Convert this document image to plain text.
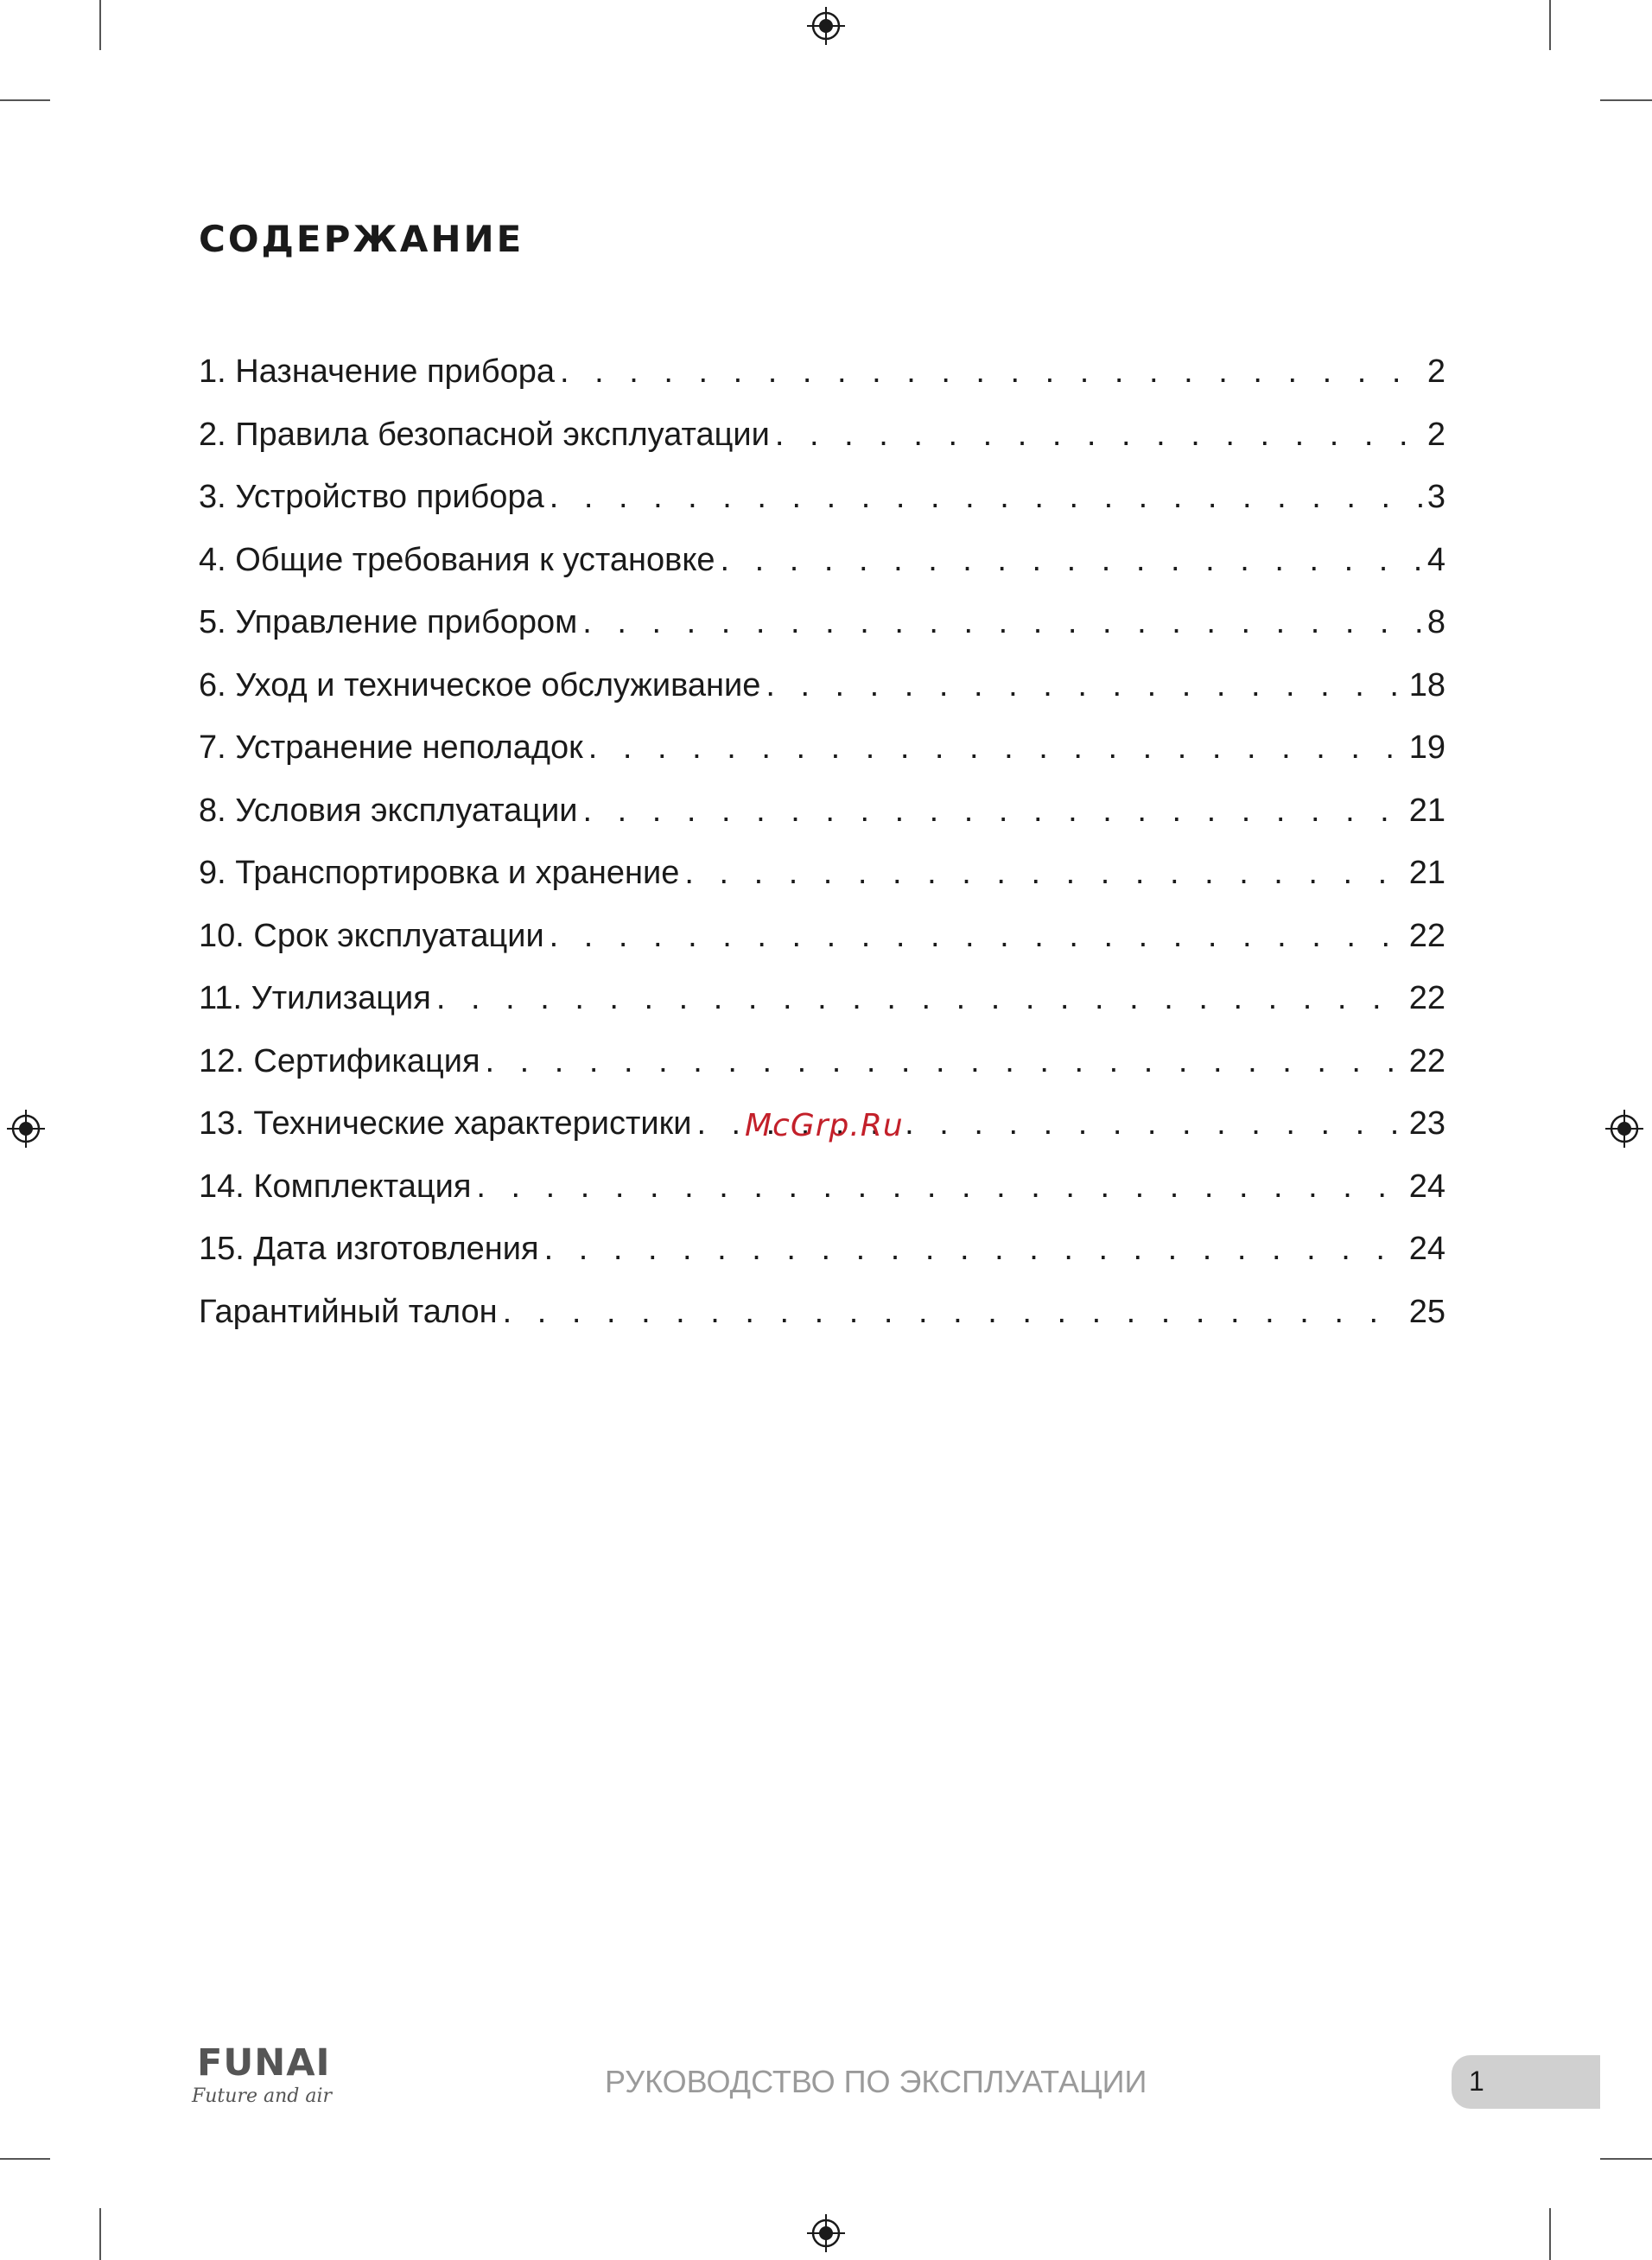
СОДЕРЖАНИЕ
1. Назначение прибора . . .	2
2. Правила безопасной эксплуатации . . .	2
3. Устройство прибора . . .	3
4. Общие требования к установке . . .	4
5. Управление прибором . . .	8
6. Уход и техническое обслуживание . . .	18
7. Устранение неполадок . . .	19
8. Условия эксплуатации . . .	21
9. Транспортировка и хранение . . .	21
10. Срок эксплуатации . . .	22
11. Утилизация . . .	22
12. Сертификация . . .	22
13. Технические характеристики . . .	23
14. Комплектация . . .	24
15. Дата изготовления . . .	24
Гарантийный талон . . .	25
McGrp.Ru
FUNAI
Future and air	РУКОВОДСТВО ПО ЭКСПЛУАТАЦИИ	1
